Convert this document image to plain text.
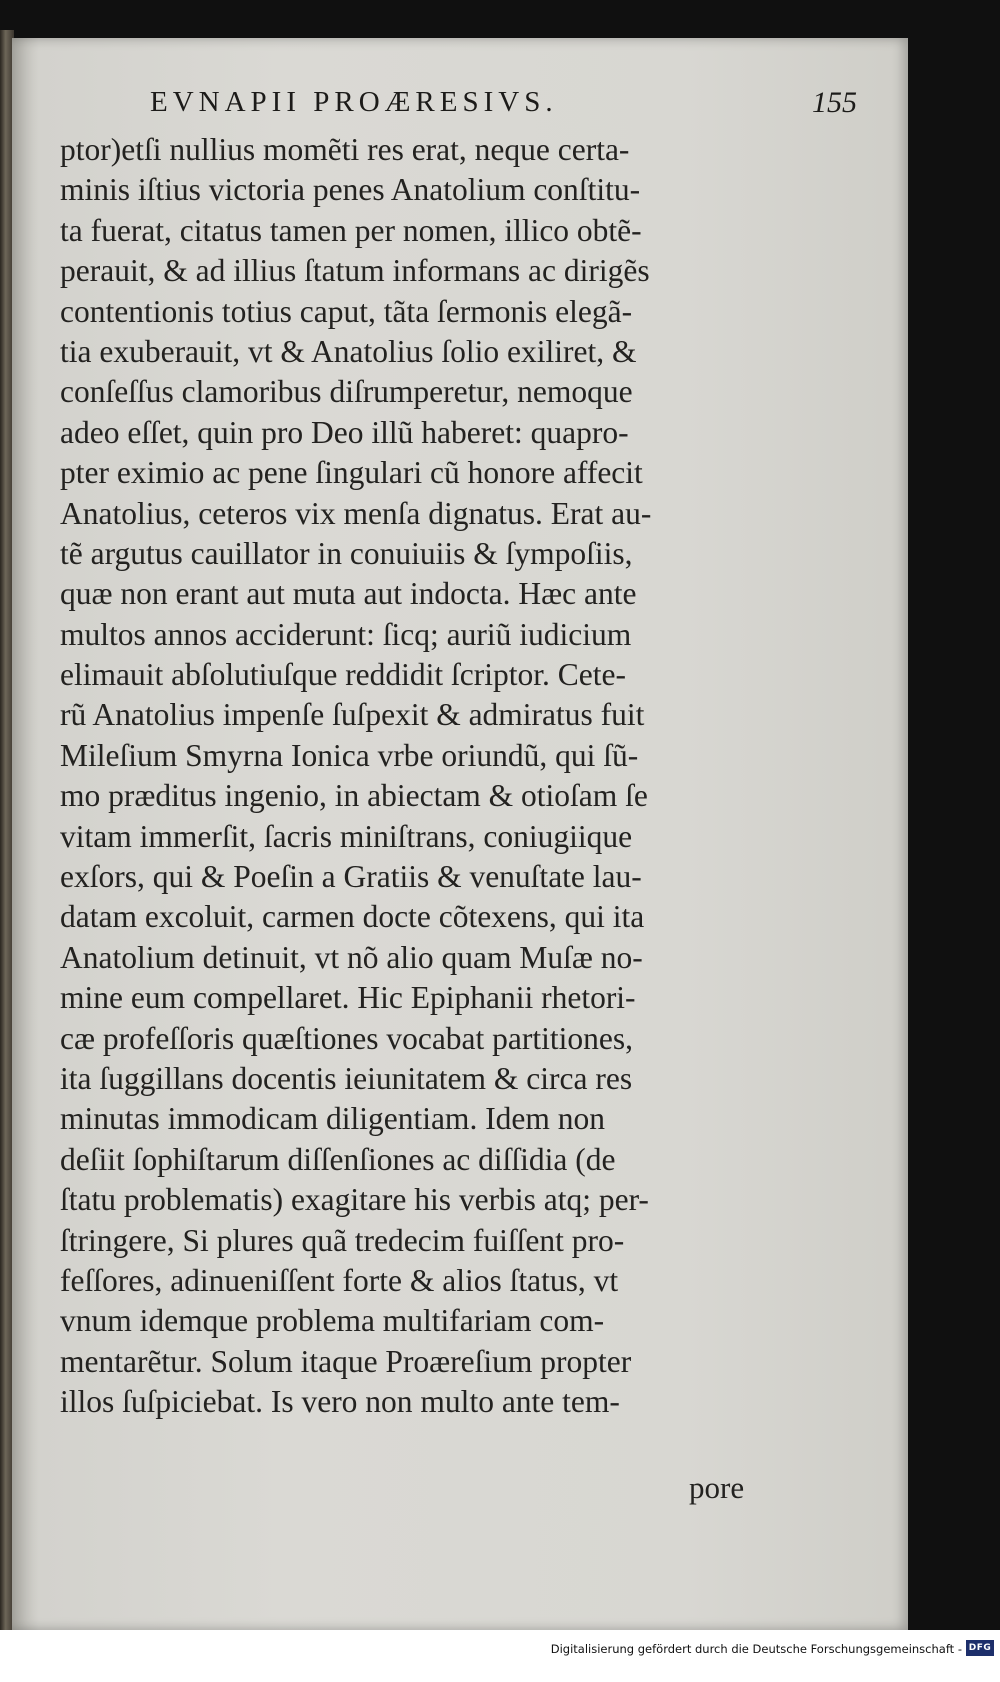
EVNAPII PROÆRESIVS.	155
ptor)etſi nullius momẽti res erat, neque certa-
minis iſtius victoria penes Anatolium conſtitu-
ta fuerat, citatus tamen per nomen, illico obtẽ-
perauit, & ad illius ſtatum informans ac dirigẽs
contentionis totius caput, tãta ſermonis elegã-
tia exuberauit, vt & Anatolius ſolio exiliret, &
conſeſſus clamoribus diſrumperetur, nemoque
adeo eſſet, quin pro Deo illũ haberet: quapro-
pter eximio ac pene ſingulari cũ honore affecit
Anatolius, ceteros vix menſa dignatus. Erat au-
tẽ argutus cauillator in conuiuiis & ſympoſiis,
quæ non erant aut muta aut indocta. Hæc ante
multos annos acciderunt: ſicq; auriũ iudicium
elimauit abſolutiuſque reddidit ſcriptor. Cete-
rũ Anatolius impenſe ſuſpexit & admiratus fuit
Mileſium Smyrna Ionica vrbe oriundũ, qui ſũ-
mo præditus ingenio, in abiectam & otioſam ſe
vitam immerſit, ſacris miniſtrans, coniugiique
exſors, qui & Poeſin a Gratiis & venuſtate lau-
datam excoluit, carmen docte cõtexens, qui ita
Anatolium detinuit, vt nõ alio quam Muſæ no-
mine eum compellaret. Hic Epiphanii rhetori-
cæ profeſſoris quæſtiones vocabat partitiones,
ita ſuggillans docentis ieiunitatem & circa res
minutas immodicam diligentiam. Idem non
deſiit ſophiſtarum diſſenſiones ac diſſidia (de
ſtatu problematis) exagitare his verbis atq; per-
ſtringere, Si plures quã tredecim fuiſſent pro-
feſſores, adinueniſſent forte & alios ſtatus, vt
vnum idemque problema multifariam com-
mentarẽtur. Solum itaque Proæreſium propter
illos ſuſpiciebat. Is vero non multo ante tem-
pore
Digitalisierung gefördert durch die Deutsche Forschungsgemeinschaft - DFG
